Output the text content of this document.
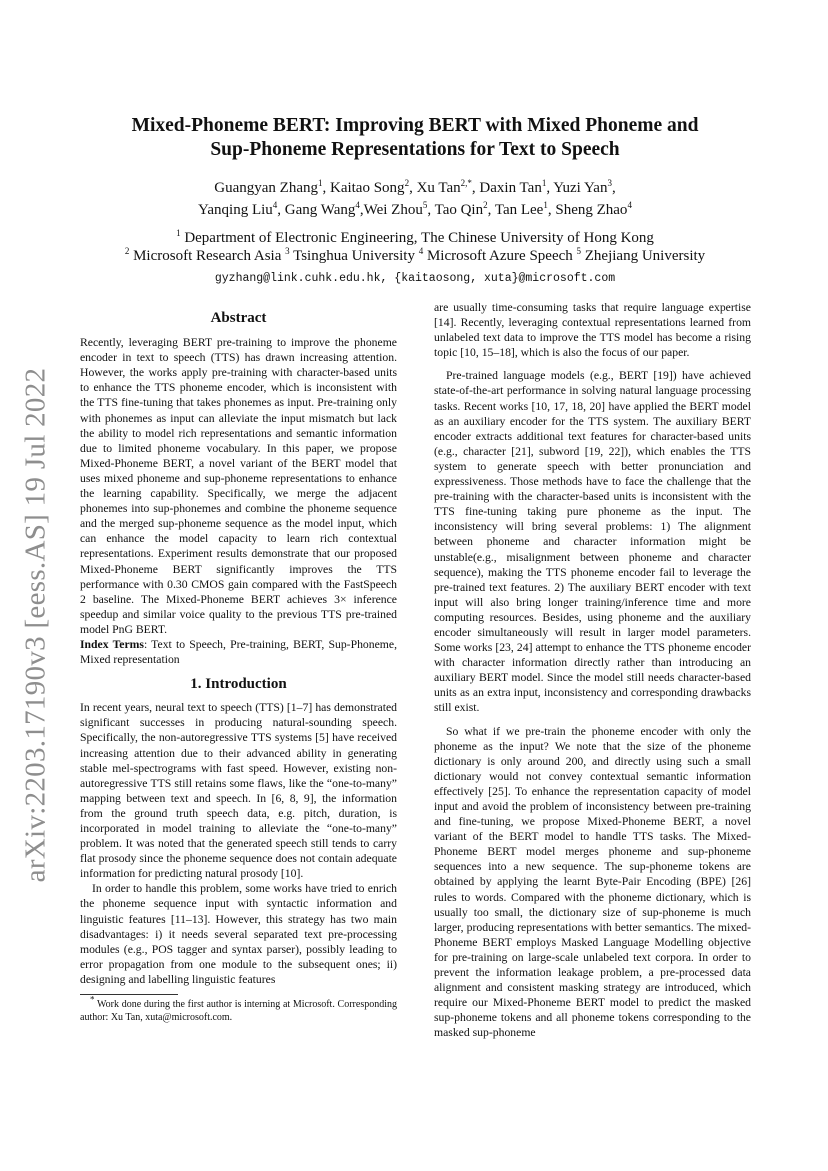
arXiv:2203.17190v3 [eess.AS] 19 Jul 2022
Mixed-Phoneme BERT: Improving BERT with Mixed Phoneme and
Sup-Phoneme Representations for Text to Speech
Guangyan Zhang$^1$, Kaitao Song$^2$, Xu Tan$^{2,*}$, Daxin Tan$^1$, Yuzi Yan$^3$,
Yanqing Liu$^4$, Gang Wang$^4$,Wei Zhou$^5$, Tao Qin$^2$, Tan Lee$^1$, Sheng Zhao$^4$
$^1$ Department of Electronic Engineering, The Chinese University of Hong Kong
$^2$ Microsoft Research Asia $^3$ Tsinghua University $^4$ Microsoft Azure Speech $^5$ Zhejiang University
gyzhang@link.cuhk.edu.hk, {kaitaosong, xuta}@microsoft.com
Abstract

Recently, leveraging BERT pre-training to improve the phoneme encoder in text to speech (TTS) has drawn increasing attention. However, the works apply pre-training with character-based units to enhance the TTS phoneme encoder, which is inconsistent with the TTS fine-tuning that takes phonemes as input. Pre-training only with phonemes as input can alleviate the input mismatch but lack the ability to model rich representations and semantic information due to limited phoneme vocabulary. In this paper, we propose Mixed-Phoneme BERT, a novel variant of the BERT model that uses mixed phoneme and sup-phoneme representations to enhance the learning capability. Specifically, we merge the adjacent phonemes into sup-phonemes and combine the phoneme sequence and the merged sup-phoneme sequence as the model input, which can enhance the model capacity to learn rich contextual representations. Experiment results demonstrate that our proposed Mixed-Phoneme BERT significantly improves the TTS performance with 0.30 CMOS gain compared with the FastSpeech 2 baseline. The Mixed-Phoneme BERT achieves 3× inference speedup and similar voice quality to the previous TTS pre-trained model PnG BERT.

Index Terms: Text to Speech, Pre-training, BERT, Sup-Phoneme, Mixed representation

1. Introduction

In recent years, neural text to speech (TTS) [1–7] has demonstrated significant successes in producing natural-sounding speech. Specifically, the non-autoregressive TTS systems [5] have received increasing attention due to their advanced ability in generating stable mel-spectrograms with fast speed. However, existing non-autoregressive TTS still retains some flaws, like the “one-to-many” mapping between text and speech. In [6, 8, 9], the information from the ground truth speech data, e.g. pitch, duration, is incorporated in model training to alleviate the “one-to-many” problem. It was noted that the generated speech still tends to carry flat prosody since the phoneme sequence does not contain adequate information for predicting natural prosody [10].

In order to handle this problem, some works have tried to enrich the phoneme sequence input with syntactic information and linguistic features [11–13]. However, this strategy has two main disadvantages: i) it needs several separated text pre-processing modules (e.g., POS tagger and syntax parser), possibly leading to error propagation from one module to the subsequent ones; ii) designing and labelling linguistic features

* Work done during the first author is interning at Microsoft. Corresponding author: Xu Tan, xuta@microsoft.com.

are usually time-consuming tasks that require language expertise [14]. Recently, leveraging contextual representations learned from unlabeled text data to improve the TTS model has become a rising topic [10, 15–18], which is also the focus of our paper.

Pre-trained language models (e.g., BERT [19]) have achieved state-of-the-art performance in solving natural language processing tasks. Recent works [10, 17, 18, 20] have applied the BERT model as an auxiliary encoder for the TTS system. The auxiliary BERT encoder extracts additional text features for character-based units (e.g., character [21], subword [19, 22]), which enables the TTS system to generate speech with better pronunciation and expressiveness. Those methods have to face the challenge that the pre-training with the character-based units is inconsistent with the TTS fine-tuning taking pure phoneme as the input. The inconsistency will bring several problems: 1) The alignment between phoneme and character information might be unstable(e.g., misalignment between phoneme and character sequence), making the TTS phoneme encoder fail to leverage the pre-trained text features. 2) The auxiliary BERT encoder with text input will also bring longer training/inference time and more computing resources. Besides, using phoneme and the auxiliary encoder simultaneously will result in larger model parameters. Some works [23, 24] attempt to enhance the TTS phoneme encoder with character information directly rather than introducing an auxiliary BERT model. Since the model still needs character-based units as an extra input, inconsistency and corresponding drawbacks still exist.

So what if we pre-train the phoneme encoder with only the phoneme as the input? We note that the size of the phoneme dictionary is only around 200, and directly using such a small dictionary would not convey contextual semantic information effectively [25]. To enhance the representation capacity of model input and avoid the problem of inconsistency between pre-training and fine-tuning, we propose Mixed-Phoneme BERT, a novel variant of the BERT model to handle TTS tasks. The Mixed-Phoneme BERT model merges phoneme and sup-phoneme sequences into a new sequence. The sup-phoneme tokens are obtained by applying the learnt Byte-Pair Encoding (BPE) [26] rules to words. Compared with the phoneme dictionary, which is usually too small, the dictionary size of sup-phoneme is much larger, producing representations with better semantics. The mixed-Phoneme BERT employs Masked Language Modelling objective for pre-training on large-scale unlabeled text corpora. In order to prevent the information leakage problem, a pre-processed data alignment and consistent masking strategy are introduced, which require our Mixed-Phoneme BERT model to predict the masked sup-phoneme tokens and all phoneme tokens corresponding to the masked sup-phoneme
